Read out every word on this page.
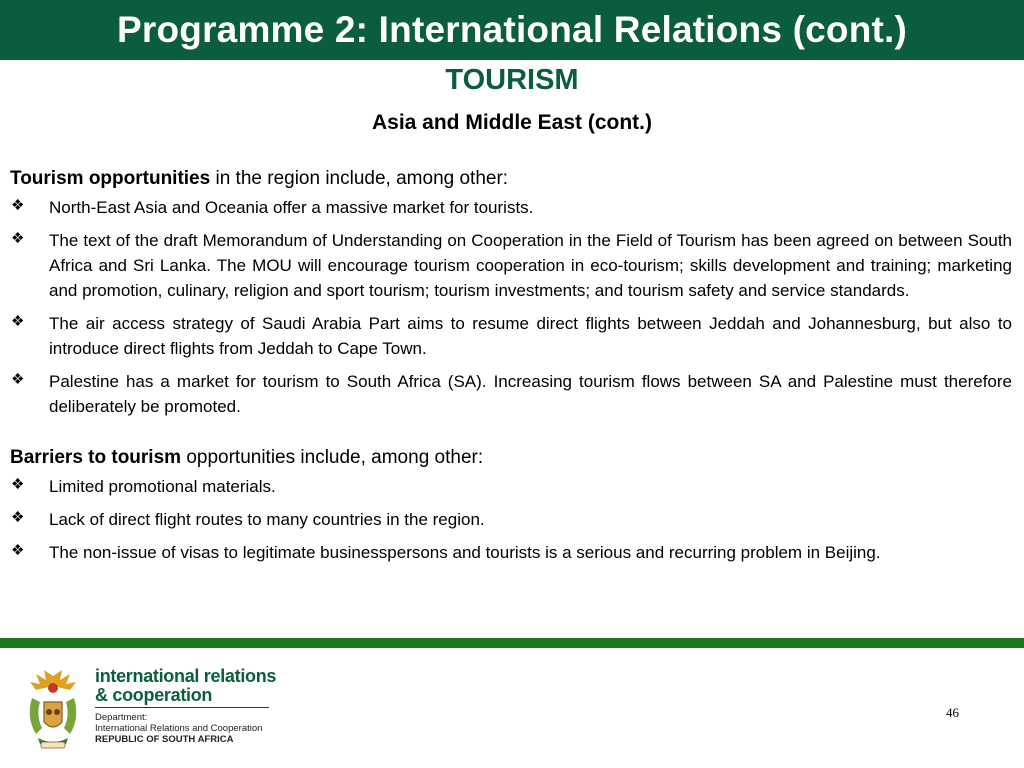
Programme 2: International Relations (cont.)
TOURISM
Asia and Middle East (cont.)

Tourism opportunities in the region include, among other:

❖	North-East Asia and Oceania offer a massive market for tourists.
❖	The text of the draft Memorandum of Understanding on Cooperation in the Field of Tourism has been agreed on between South Africa and Sri Lanka. The MOU will encourage tourism cooperation in eco-tourism; skills development and training; marketing and promotion, culinary, religion and sport tourism; tourism investments; and tourism safety and service standards.
❖	The air access strategy of Saudi Arabia Part aims to resume direct flights between Jeddah and Johannesburg, but also to introduce direct flights from Jeddah to Cape Town.
❖	Palestine has a market for tourism to South Africa (SA). Increasing tourism flows between SA and Palestine must therefore deliberately be promoted.

Barriers to tourism opportunities include, among other:

❖	Limited promotional materials.
❖	Lack of direct flight routes to many countries in the region.
❖	The non-issue of visas to legitimate businesspersons and tourists is a serious and recurring problem in Beijing.
international relations
& cooperation
Department:
International Relations and Cooperation
REPUBLIC OF SOUTH AFRICA
46
